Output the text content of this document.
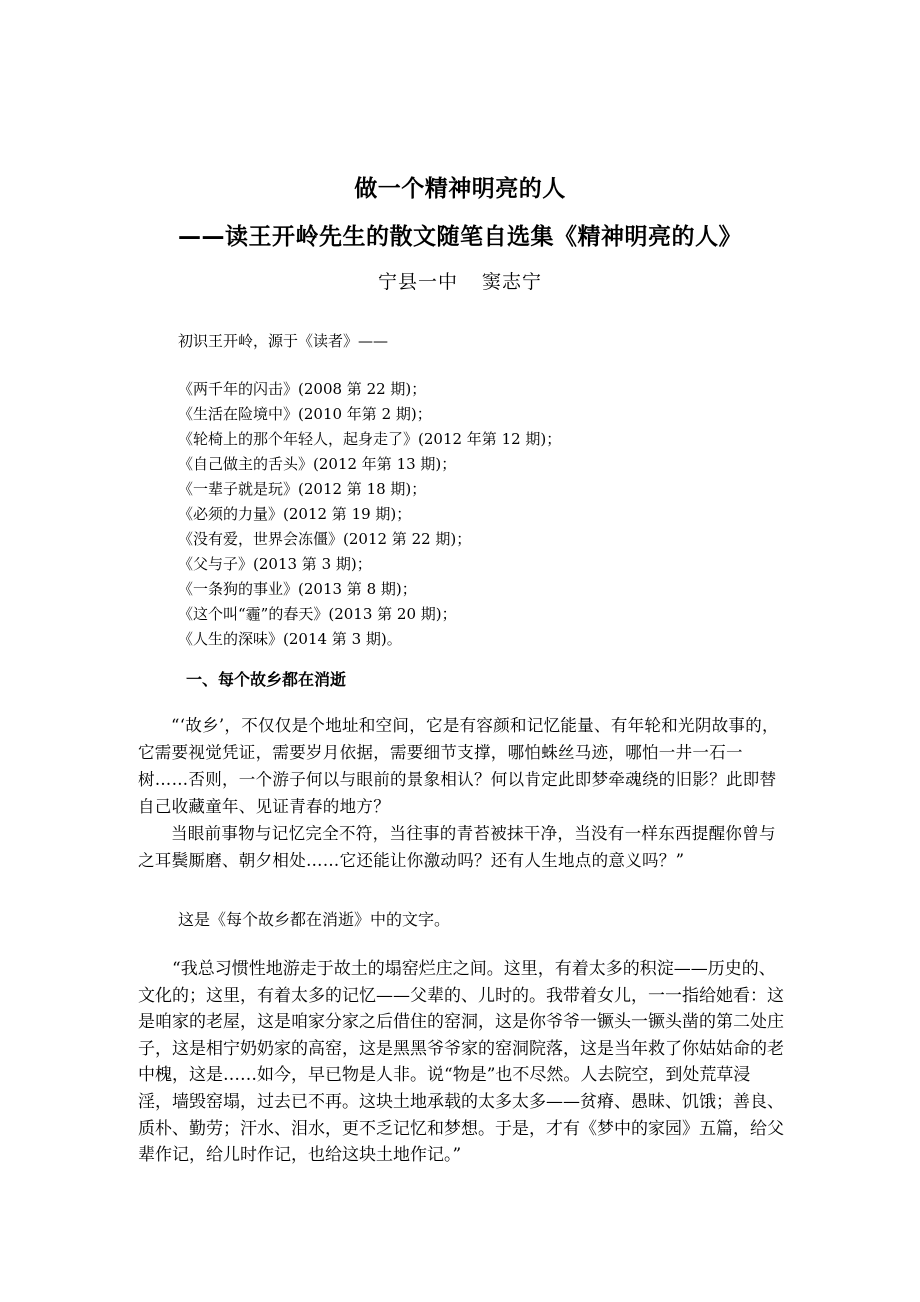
做一个精神明亮的人
——读王开岭先生的散文随笔自选集《精神明亮的人》
宁县一中 窦志宁
初识王开岭，源于《读者》——
《两千年的闪击》(2008 第 22 期)；
《生活在险境中》(2010 年第 2 期)；
《轮椅上的那个年轻人，起身走了》(2012 年第 12 期)；
《自己做主的舌头》(2012 年第 13 期)；
《一辈子就是玩》(2012 第 18 期)；
《必须的力量》(2012 第 19 期)；
《没有爱，世界会冻僵》(2012 第 22 期)；
《父与子》(2013 第 3 期)；
《一条狗的事业》(2013 第 8 期)；
《这个叫“霾”的春天》(2013 第 20 期)；
《人生的深味》(2014 第 3 期)。
一、每个故乡都在消逝

“‘故乡’，不仅仅是个地址和空间，它是有容颜和记忆能量、有年轮和光阴故事的，它需要视觉凭证，需要岁月依据，需要细节支撑，哪怕蛛丝马迹，哪怕一井一石一树……否则，一个游子何以与眼前的景象相认？何以肯定此即梦牵魂绕的旧影？此即替自己收藏童年、见证青春的地方？

当眼前事物与记忆完全不符，当往事的青苔被抹干净，当没有一样东西提醒你曾与之耳鬓厮磨、朝夕相处……它还能让你激动吗？还有人生地点的意义吗？”

这是《每个故乡都在消逝》中的文字。

“我总习惯性地游走于故土的塌窑烂庄之间。这里，有着太多的积淀——历史的、文化的；这里，有着太多的记忆——父辈的、儿时的。我带着女儿，一一指给她看：这是咱家的老屋，这是咱家分家之后借住的窑洞，这是你爷爷一镢头一镢头凿的第二处庄子，这是相宁奶奶家的高窑，这是黑黑爷爷家的窑洞院落，这是当年救了你姑姑命的老中槐，这是……如今，早已物是人非。说“物是”也不尽然。人去院空，到处荒草浸淫，墙毁窑塌，过去已不再。这块土地承载的太多太多——贫瘠、愚昧、饥饿；善良、质朴、勤劳；汗水、泪水，更不乏记忆和梦想。于是，才有《梦中的家园》五篇，给父辈作记，给儿时作记，也给这块土地作记。”
